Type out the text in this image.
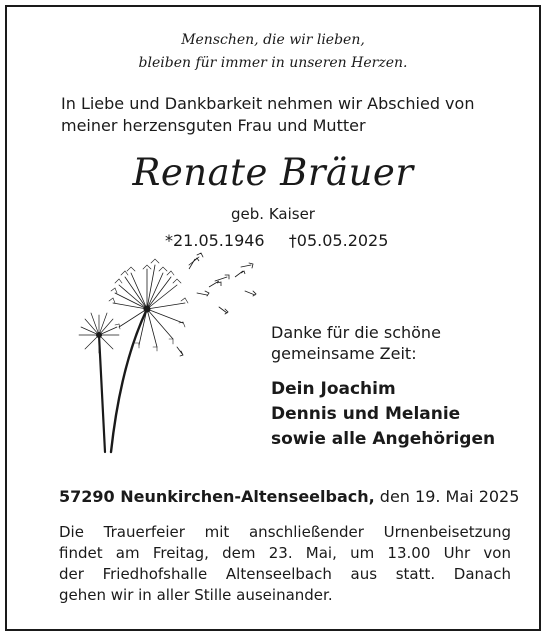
Menschen, die wir lieben,
bleiben für immer in unseren Herzen.
In Liebe und Dankbarkeit nehmen wir Abschied von
meiner herzensguten Frau und Mutter
Renate Bräuer
geb. Kaiser
*21.05.1946 †05.05.2025
Danke für die schöne
gemeinsame Zeit:
Dein Joachim
Dennis und Melanie
sowie alle Angehörigen
57290 Neunkirchen-Altenseelbach, den 19. Mai 2025
Die Trauerfeier mit anschließender Urnenbeisetzung
findet am Freitag, dem 23. Mai, um 13.00 Uhr von
der Friedhofshalle Altenseelbach aus statt. Danach
gehen wir in aller Stille auseinander.
